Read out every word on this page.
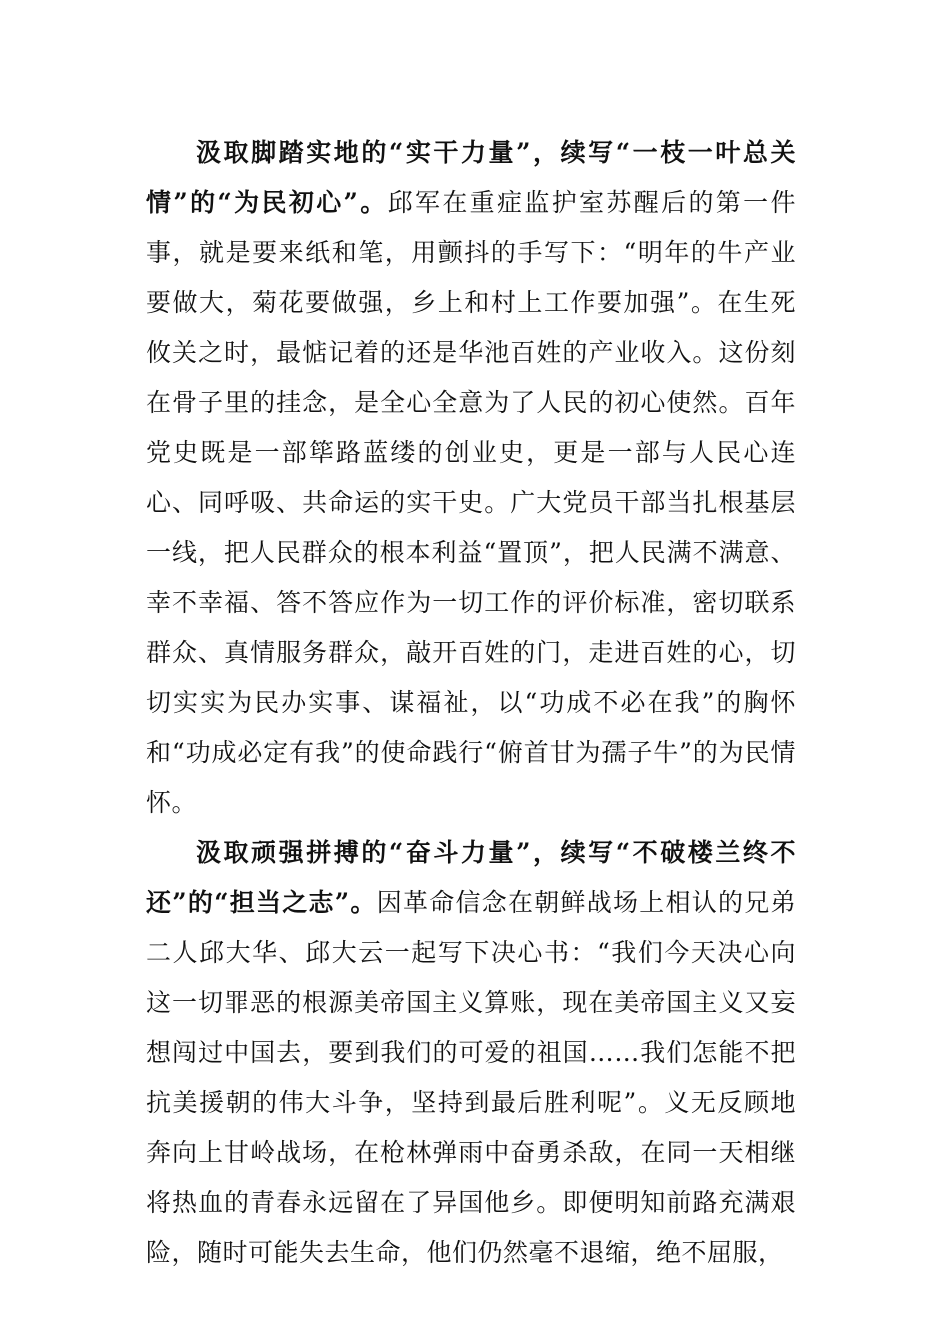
汲取脚踏实地的“实干力量”，续写“一枝一叶总关情”的“为民初心”。邱军在重症监护室苏醒后的第一件事，就是要来纸和笔，用颤抖的手写下：“明年的牛产业要做大，菊花要做强，乡上和村上工作要加强”。在生死攸关之时，最惦记着的还是华池百姓的产业收入。这份刻在骨子里的挂念，是全心全意为了人民的初心使然。百年党史既是一部筚路蓝缕的创业史，更是一部与人民心连心、同呼吸、共命运的实干史。广大党员干部当扎根基层一线，把人民群众的根本利益“置顶”，把人民满不满意、幸不幸福、答不答应作为一切工作的评价标准，密切联系群众、真情服务群众，敲开百姓的门，走进百姓的心，切切实实为民办实事、谋福祉，以“功成不必在我”的胸怀和“功成必定有我”的使命践行“俯首甘为孺子牛”的为民情怀。

汲取顽强拼搏的“奋斗力量”，续写“不破楼兰终不还”的“担当之志”。因革命信念在朝鲜战场上相认的兄弟二人邱大华、邱大云一起写下决心书：“我们今天决心向这一切罪恶的根源美帝国主义算账，现在美帝国主义又妄想闯过中国去，要到我们的可爱的祖国……我们怎能不把抗美援朝的伟大斗争，坚持到最后胜利呢”。义无反顾地奔向上甘岭战场，在枪林弹雨中奋勇杀敌，在同一天相继将热血的青春永远留在了异国他乡。即便明知前路充满艰险，随时可能失去生命，他们仍然毫不退缩，绝不屈服，
